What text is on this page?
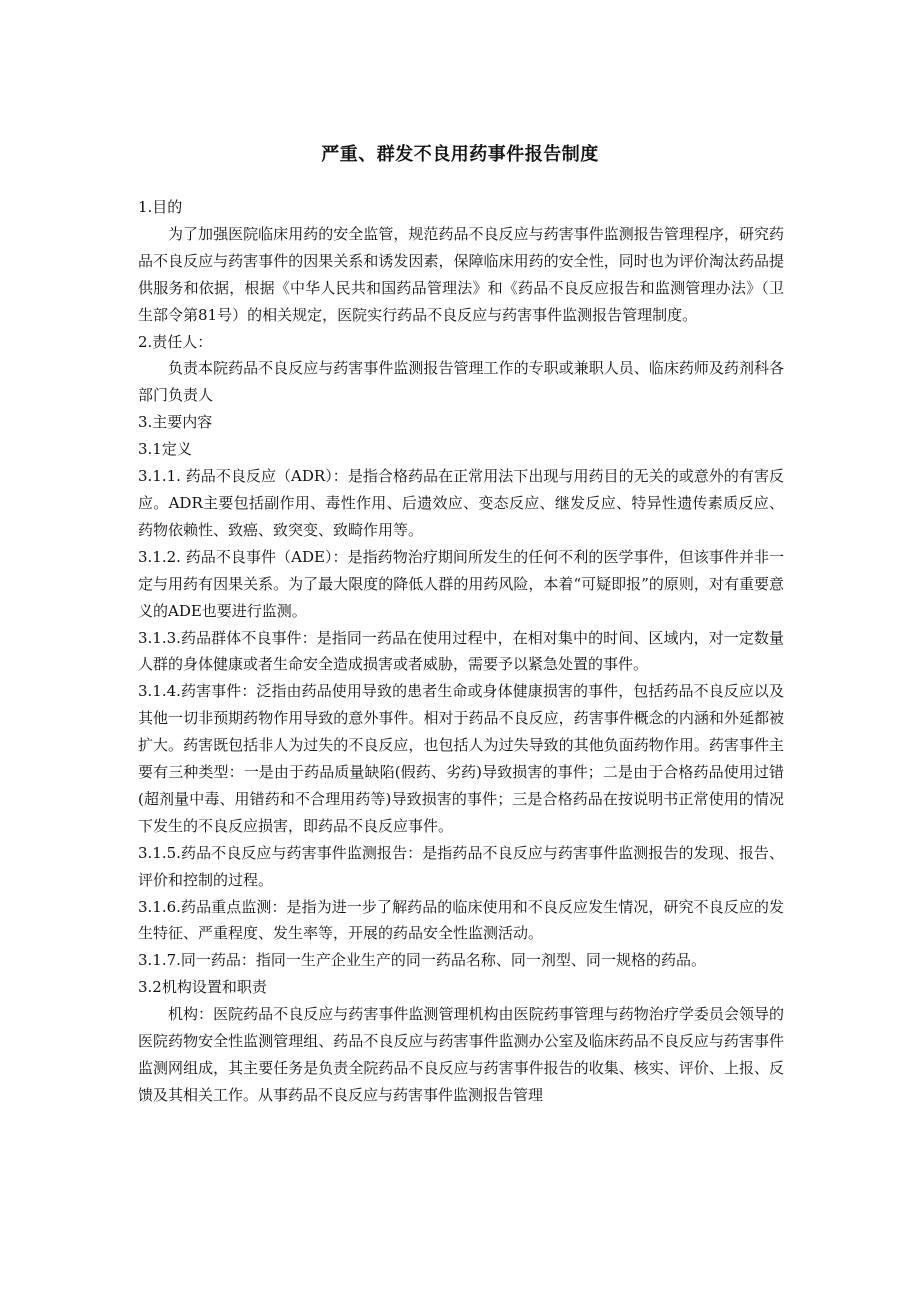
严重、群发不良用药事件报告制度

1.目的

为了加强医院临床用药的安全监管，规范药品不良反应与药害事件监测报告管理程序，研究药品不良反应与药害事件的因果关系和诱发因素，保障临床用药的安全性，同时也为评价淘汰药品提供服务和依据，根据《中华人民共和国药品管理法》和《药品不良反应报告和监测管理办法》（卫生部令第81号）的相关规定，医院实行药品不良反应与药害事件监测报告管理制度。

2.责任人：

负责本院药品不良反应与药害事件监测报告管理工作的专职或兼职人员、临床药师及药剂科各部门负责人

3.主要内容

3.1定义

3.1.1. 药品不良反应（ADR）：是指合格药品在正常用法下出现与用药目的无关的或意外的有害反应。ADR主要包括副作用、毒性作用、后遗效应、变态反应、继发反应、特异性遗传素质反应、药物依赖性、致癌、致突变、致畸作用等。

3.1.2. 药品不良事件（ADE）：是指药物治疗期间所发生的任何不利的医学事件，但该事件并非一定与用药有因果关系。为了最大限度的降低人群的用药风险，本着“可疑即报”的原则，对有重要意义的ADE也要进行监测。

3.1.3.药品群体不良事件：是指同一药品在使用过程中，在相对集中的时间、区域内，对一定数量人群的身体健康或者生命安全造成损害或者威胁，需要予以紧急处置的事件。

3.1.4.药害事件：泛指由药品使用导致的患者生命或身体健康损害的事件，包括药品不良反应以及其他一切非预期药物作用导致的意外事件。相对于药品不良反应，药害事件概念的内涵和外延都被扩大。药害既包括非人为过失的不良反应，也包括人为过失导致的其他负面药物作用。药害事件主要有三种类型：一是由于药品质量缺陷(假药、劣药)导致损害的事件；二是由于合格药品使用过错(超剂量中毒、用错药和不合理用药等)导致损害的事件；三是合格药品在按说明书正常使用的情况下发生的不良反应损害，即药品不良反应事件。

3.1.5.药品不良反应与药害事件监测报告：是指药品不良反应与药害事件监测报告的发现、报告、评价和控制的过程。

3.1.6.药品重点监测：是指为进一步了解药品的临床使用和不良反应发生情况，研究不良反应的发生特征、严重程度、发生率等，开展的药品安全性监测活动。

3.1.7.同一药品：指同一生产企业生产的同一药品名称、同一剂型、同一规格的药品。

3.2机构设置和职责

机构：医院药品不良反应与药害事件监测管理机构由医院药事管理与药物治疗学委员会领导的医院药物安全性监测管理组、药品不良反应与药害事件监测办公室及临床药品不良反应与药害事件监测网组成，其主要任务是负责全院药品不良反应与药害事件报告的收集、核实、评价、上报、反馈及其相关工作。从事药品不良反应与药害事件监测报告管理
